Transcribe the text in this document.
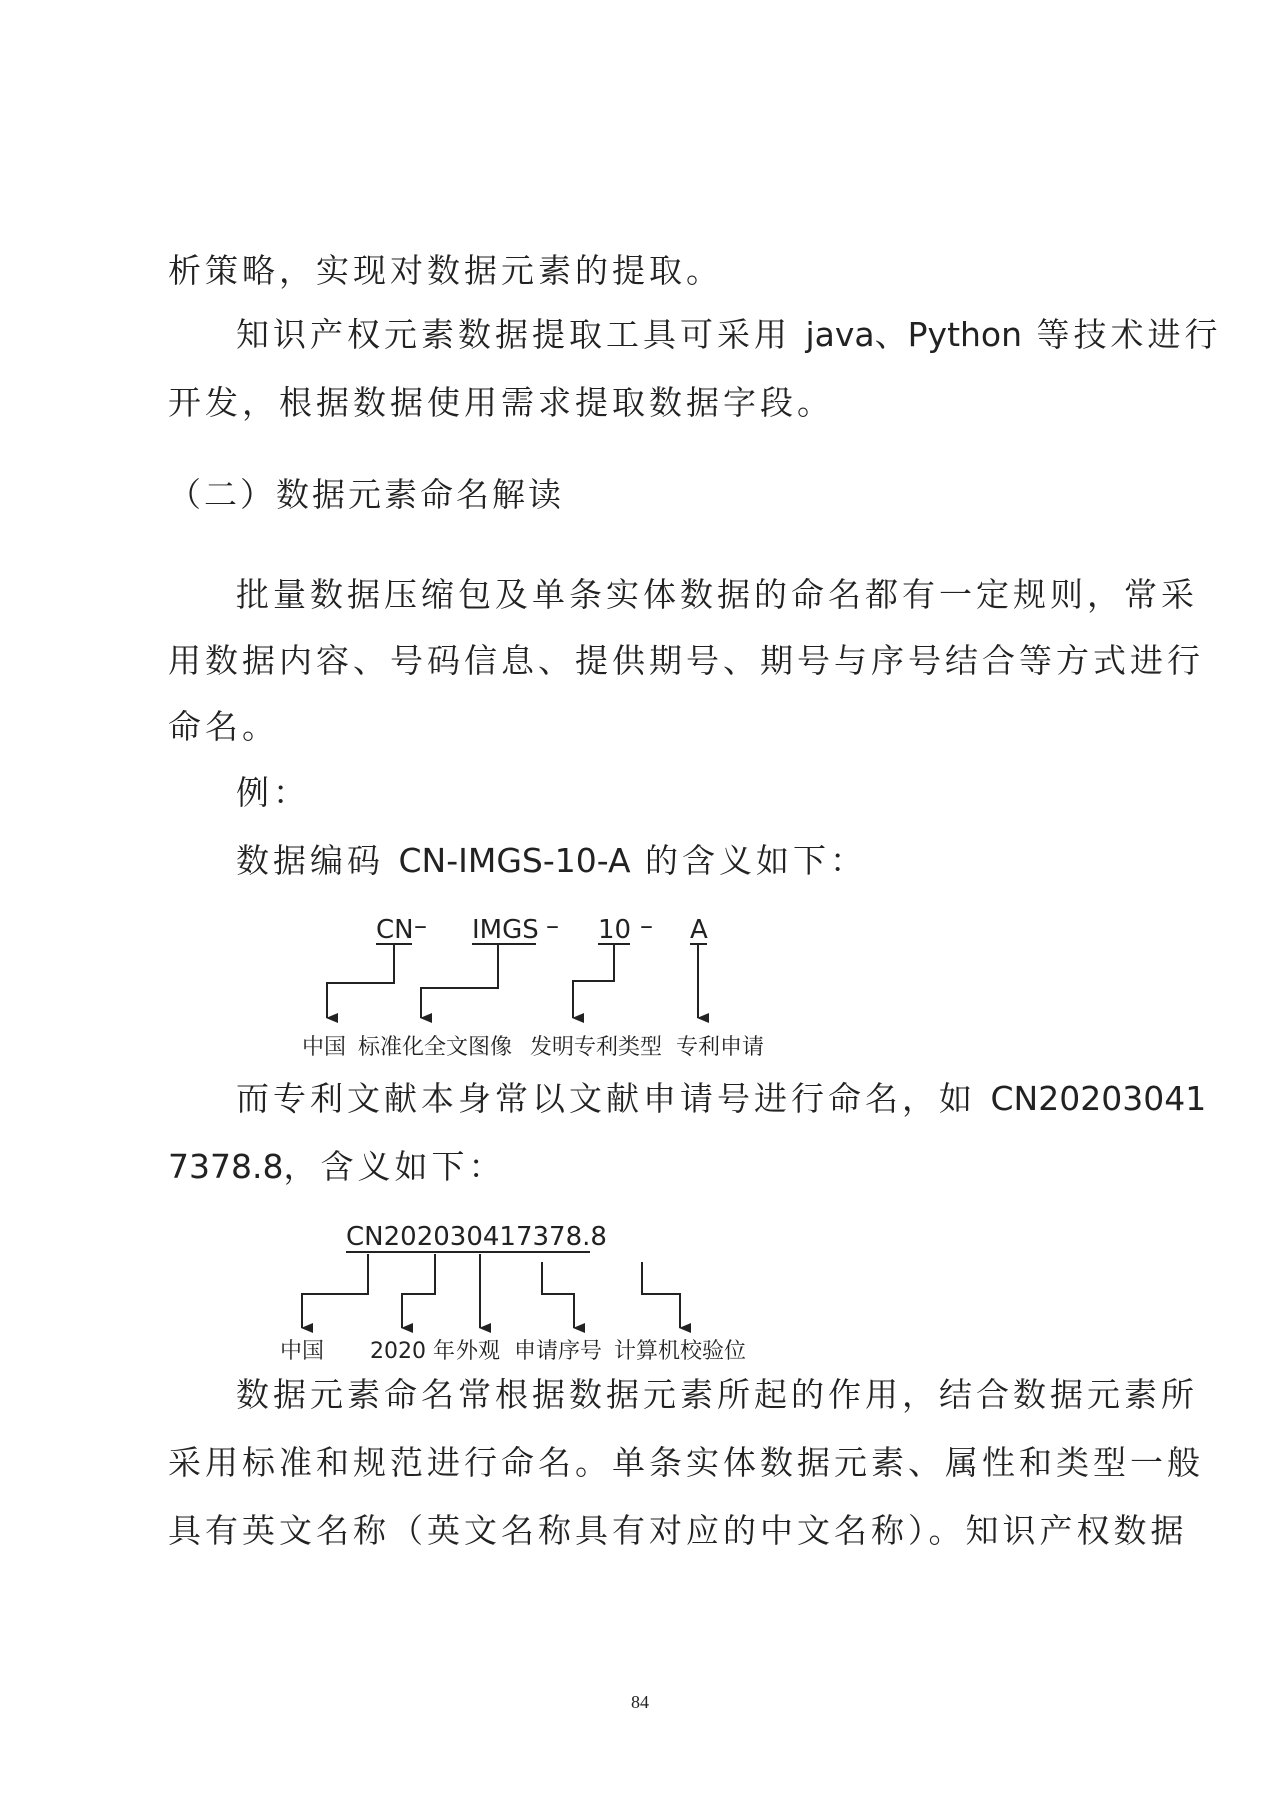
析策略，实现对数据元素的提取。
知识产权元素数据提取工具可采用 java、Python 等技术进行
开发，根据数据使用需求提取数据字段。
（二）数据元素命名解读
批量数据压缩包及单条实体数据的命名都有一定规则，常采
用数据内容、号码信息、提供期号、期号与序号结合等方式进行
命名。
例：
数据编码 CN-IMGS-10-A 的含义如下：
而专利文献本身常以文献申请号进行命名，如 CN20203041
7378.8，含义如下：
数据元素命名常根据数据元素所起的作用，结合数据元素所
采用标准和规范进行命名。单条实体数据元素、属性和类型一般
具有英文名称（英文名称具有对应的中文名称）。知识产权数据
CN – IMGS – 10 – A
中国 标准化全文图像 发明专利类型 专利申请
CN202030417378.8
中国 2020 年 外观 申请序号 计算机校验位
84
